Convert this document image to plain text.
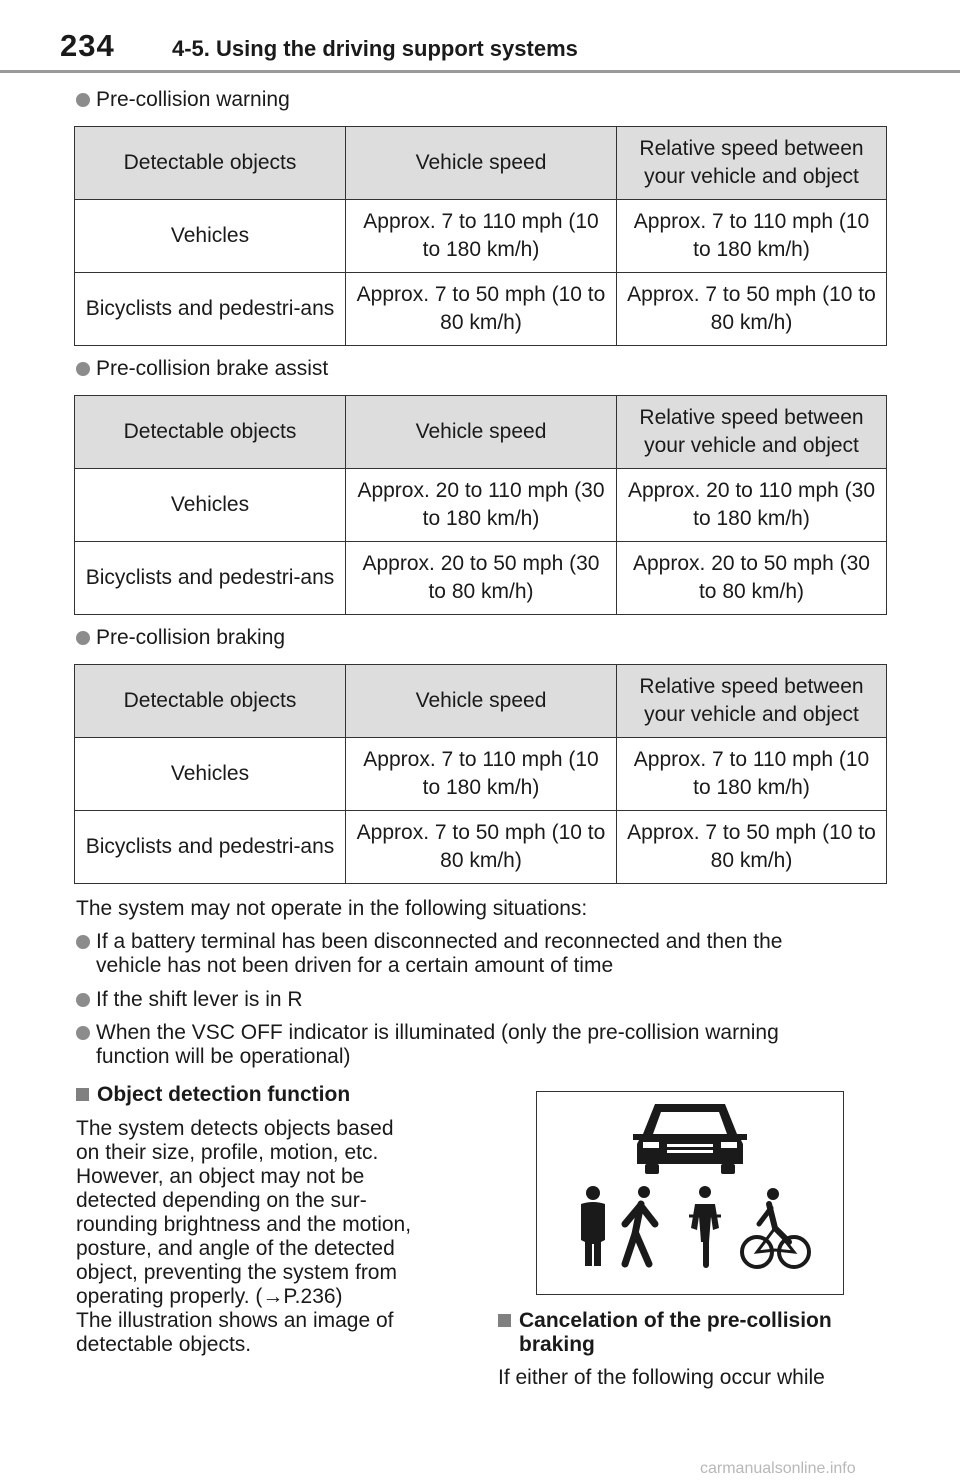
234	4-5. Using the driving support systems
Pre-collision warning
Detectable objects	Vehicle speed	Relative speed between your vehicle and object
Vehicles	Approx. 7 to 110 mph (10 to 180 km/h)	Approx. 7 to 110 mph (10 to 180 km/h)
Bicyclists and pedestri-ans	Approx. 7 to 50 mph (10 to 80 km/h)	Approx. 7 to 50 mph (10 to 80 km/h)
Pre-collision brake assist
Detectable objects	Vehicle speed	Relative speed between your vehicle and object
Vehicles	Approx. 20 to 110 mph (30 to 180 km/h)	Approx. 20 to 110 mph (30 to 180 km/h)
Bicyclists and pedestri-ans	Approx. 20 to 50 mph (30 to 80 km/h)	Approx. 20 to 50 mph (30 to 80 km/h)
Pre-collision braking
Detectable objects	Vehicle speed	Relative speed between your vehicle and object
Vehicles	Approx. 7 to 110 mph (10 to 180 km/h)	Approx. 7 to 110 mph (10 to 180 km/h)
Bicyclists and pedestri-ans	Approx. 7 to 50 mph (10 to 80 km/h)	Approx. 7 to 50 mph (10 to 80 km/h)
The system may not operate in the following situations:
If a battery terminal has been disconnected and reconnected and then the
vehicle has not been driven for a certain amount of time
If the shift lever is in R
When the VSC OFF indicator is illuminated (only the pre-collision warning
function will be operational)
Object detection function
The system detects objects based
on their size, profile, motion, etc.
However, an object may not be
detected depending on the sur-
rounding brightness and the motion,
posture, and angle of the detected
object, preventing the system from
operating properly. (→P.236)
The illustration shows an image of
detectable objects.
Cancelation of the pre-collision
braking
If either of the following occur while
carmanualsonline.info
